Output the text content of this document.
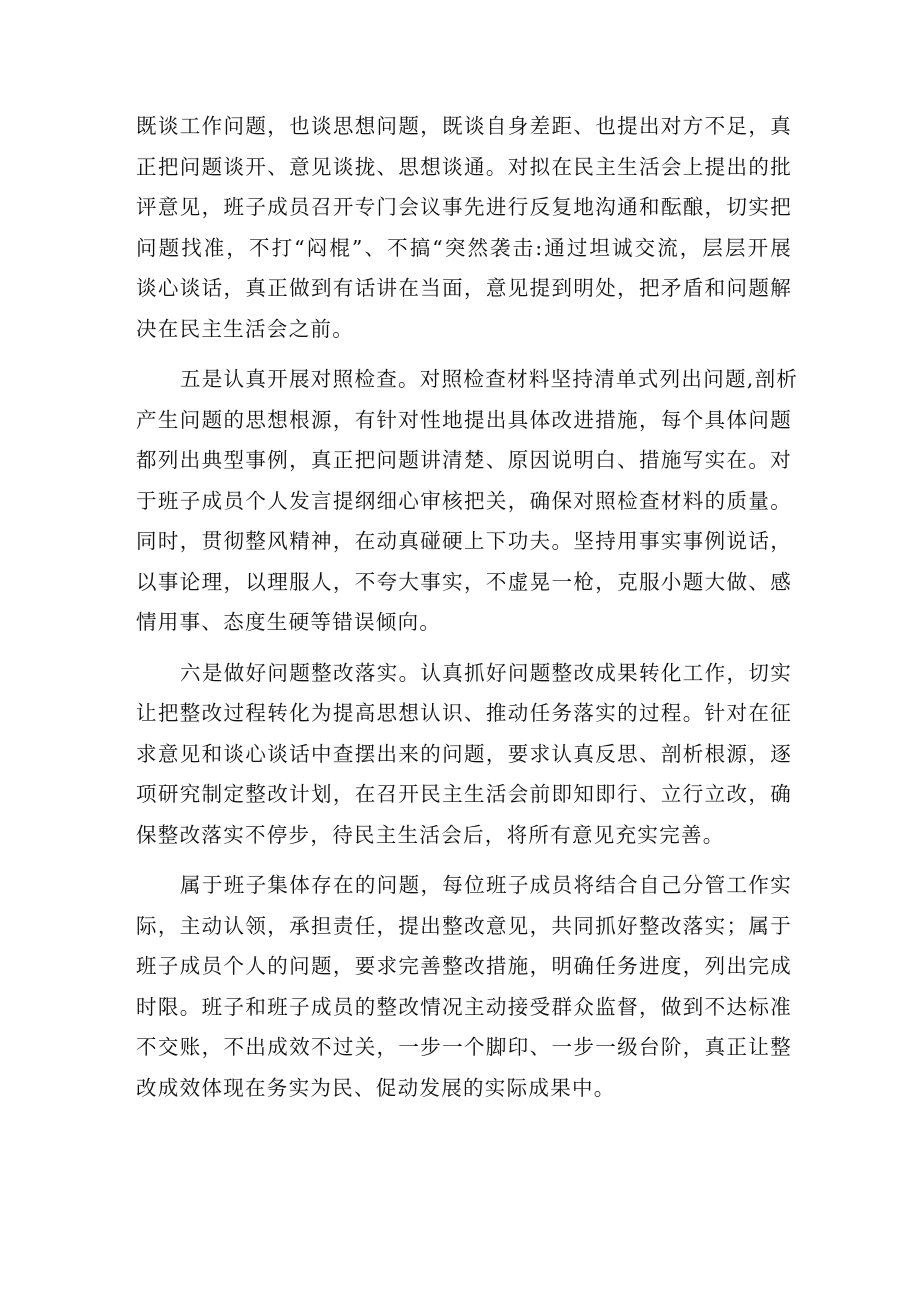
既谈工作问题，也谈思想问题，既谈自身差距、也提出对方不足，真
正把问题谈开、意见谈拢、思想谈通。对拟在民主生活会上提出的批
评意见，班子成员召开专门会议事先进行反复地沟通和酝酿，切实把
问题找准，不打“闷棍”、不搞“突然袭击:通过坦诚交流，层层开展
谈心谈话，真正做到有话讲在当面，意见提到明处，把矛盾和问题解
决在民主生活会之前。
五是认真开展对照检查。对照检查材料坚持清单式列出问题,剖析
产生问题的思想根源，有针对性地提出具体改进措施，每个具体问题
都列出典型事例，真正把问题讲清楚、原因说明白、措施写实在。对
于班子成员个人发言提纲细心审核把关，确保对照检查材料的质量。
同时，贯彻整风精神，在动真碰硬上下功夫。坚持用事实事例说话，
以事论理，以理服人，不夸大事实，不虚晃一枪，克服小题大做、感
情用事、态度生硬等错误倾向。
六是做好问题整改落实。认真抓好问题整改成果转化工作，切实
让把整改过程转化为提高思想认识、推动任务落实的过程。针对在征
求意见和谈心谈话中查摆出来的问题，要求认真反思、剖析根源，逐
项研究制定整改计划，在召开民主生活会前即知即行、立行立改，确
保整改落实不停步，待民主生活会后，将所有意见充实完善。
属于班子集体存在的问题，每位班子成员将结合自己分管工作实
际，主动认领，承担责任，提出整改意见，共同抓好整改落实；属于
班子成员个人的问题，要求完善整改措施，明确任务进度，列出完成
时限。班子和班子成员的整改情况主动接受群众监督，做到不达标准
不交账，不出成效不过关，一步一个脚印、一步一级台阶，真正让整
改成效体现在务实为民、促动发展的实际成果中。
